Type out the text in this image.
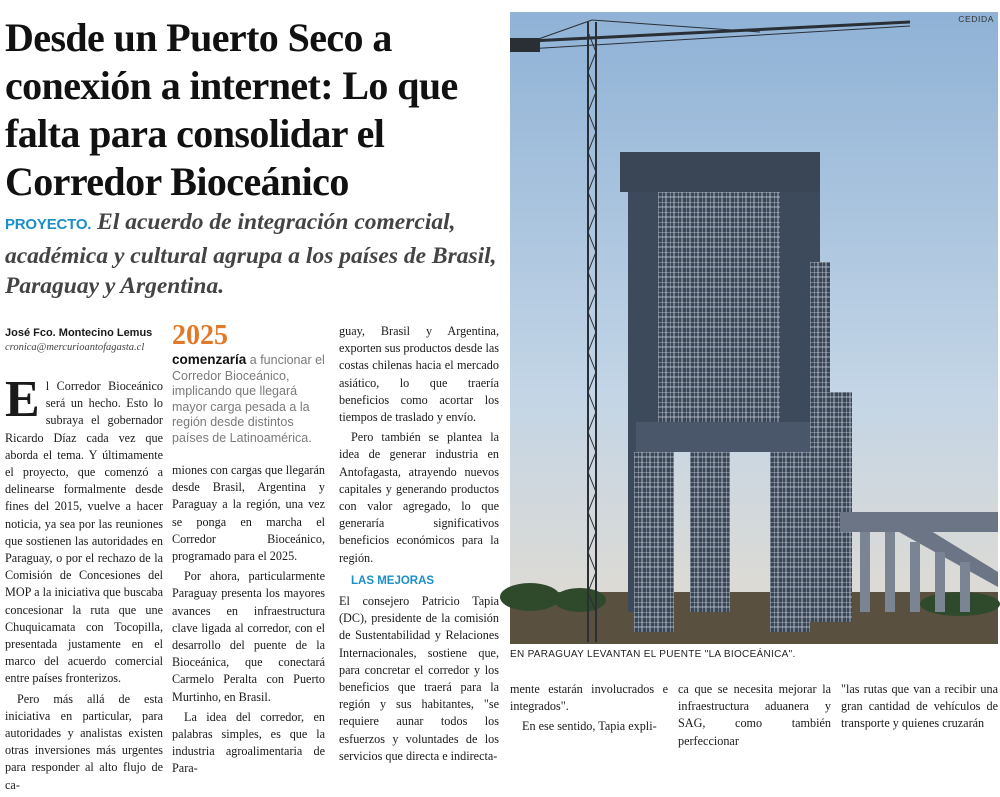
Desde un Puerto Seco a conexión a internet: Lo que falta para consolidar el Corredor Bioceánico
PROYECTO. El acuerdo de integración comercial, académica y cultural agrupa a los países de Brasil, Paraguay y Argentina.
José Fco. Montecino Lemus
cronica@mercurioantofagasta.cl

El Corredor Bioceánico será un hecho. Esto lo subraya el gobernador Ricardo Díaz cada vez que aborda el tema. Y últimamente el proyecto, que comenzó a delinearse formalmente desde fines del 2015, vuelve a hacer noticia, ya sea por las reuniones que sostienen las autoridades en Paraguay, o por el rechazo de la Comisión de Concesiones del MOP a la iniciativa que buscaba concesionar la ruta que une Chuquicamata con Tocopilla, presentada justamente en el marco del acuerdo comercial entre países fronterizos.

Pero más allá de esta iniciativa en particular, para autoridades y analistas existen otras inversiones más urgentes para responder al alto flujo de ca-

2025
comenzaría a funcionar el Corredor Bioceánico, implicando que llegará mayor carga pesada a la región desde distintos países de Latinoamérica.

miones con cargas que llegarán desde Brasil, Argentina y Paraguay a la región, una vez se ponga en marcha el Corredor Bioceánico, programado para el 2025.

Por ahora, particularmente Paraguay presenta los mayores avances en infraestructura clave ligada al corredor, con el desarrollo del puente de la Bioceánica, que conectará Carmelo Peralta con Puerto Murtinho, en Brasil.

La idea del corredor, en palabras simples, es que la industria agroalimentaria de Para-

guay, Brasil y Argentina, exporten sus productos desde las costas chilenas hacia el mercado asiático, lo que traería beneficios como acortar los tiempos de traslado y envío.

Pero también se plantea la idea de generar industria en Antofagasta, atrayendo nuevos capitales y generando productos con valor agregado, lo que generaría significativos beneficios económicos para la región.

LAS MEJORAS

El consejero Patricio Tapia (DC), presidente de la comisión de Sustentabilidad y Relaciones Internacionales, sostiene que, para concretar el corredor y los beneficios que traerá para la región y sus habitantes, "se requiere aunar todos los esfuerzos y voluntades de los servicios que directa e indirecta-

CEDIDA
EN PARAGUAY LEVANTAN EL PUENTE "LA BIOCEÁNICA".

mente estarán involucrados e integrados".

En ese sentido, Tapia expli-

ca que se necesita mejorar la infraestructura aduanera y SAG, como también perfeccionar

"las rutas que van a recibir una gran cantidad de vehículos de transporte y quienes cruzarán
